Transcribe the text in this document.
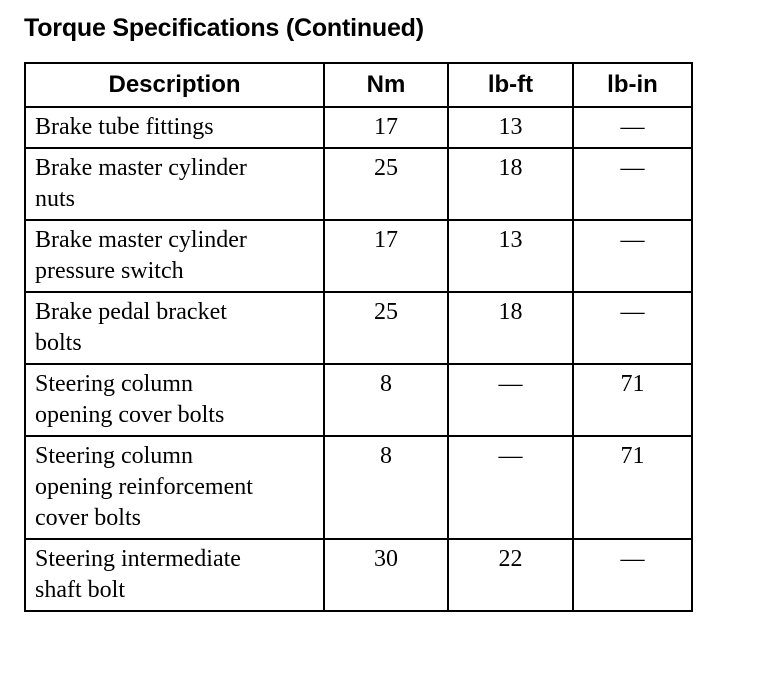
Torque Specifications (Continued)
Description	Nm	lb-ft	lb-in

Brake tube fittings	17	13	—

Brake master cylinder
nuts	25	18	—

Brake master cylinder
pressure switch	17	13	—

Brake pedal bracket
bolts	25	18	—

Steering column
opening cover bolts	8	—	71

Steering column
opening reinforcement
cover bolts	8	—	71

Steering intermediate
shaft bolt	30	22	—
